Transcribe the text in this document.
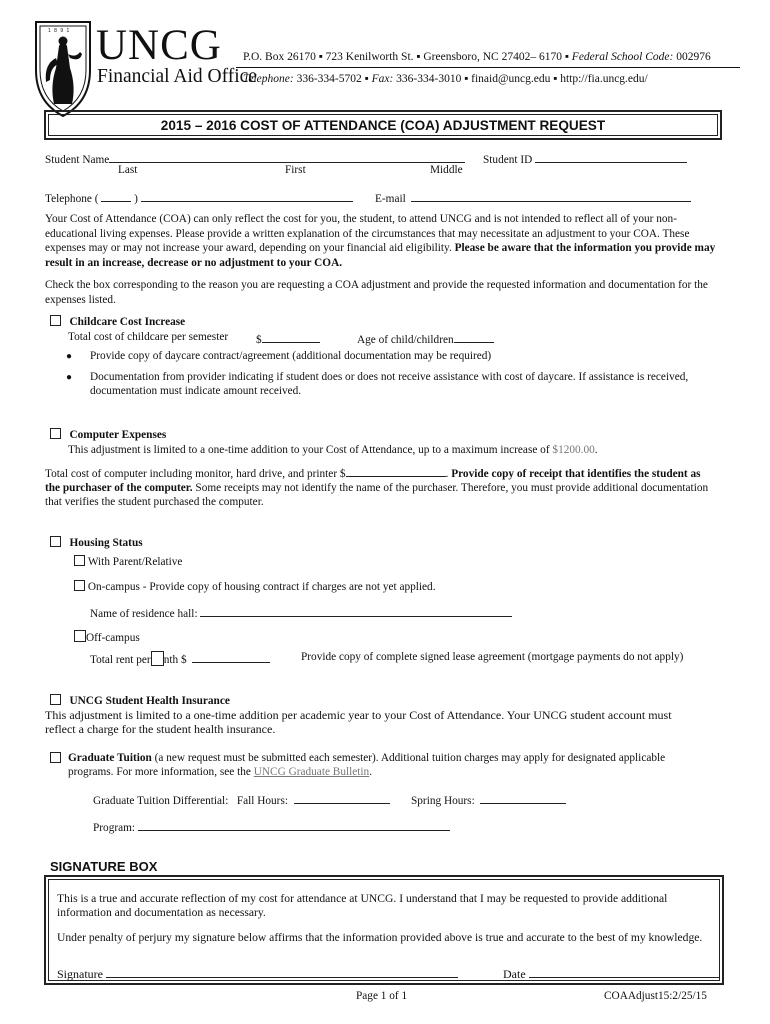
1 8 9 1 UNCG
Financial Aid Office
P.O. Box 26170 ▪ 723 Kenilworth St. ▪ Greensboro, NC 27402– 6170 ▪ Federal School Code: 002976
Telephone: 336-334-5702 ▪ Fax: 336-334-3010 ▪ finaid@uncg.edu ▪ http://fia.uncg.edu/
2015 – 2016 COST OF ATTENDANCE (COA) ADJUSTMENT REQUEST
Student Name
Last	First	Middle
Student ID
Telephone (	)	E-mail

Your Cost of Attendance (COA) can only reflect the cost for you, the student, to attend UNCG and is not intended to reflect all of your non-educational living expenses. Please provide a written explanation of the circumstances that may necessitate an adjustment to your COA. These expenses may or may not increase your award, depending on your financial aid eligibility. Please be aware that the information you provide may result in an increase, decrease or no adjustment to your COA.

Check the box corresponding to the reason you are requesting a COA adjustment and provide the requested information and documentation for the expenses listed.

Childcare Cost Increase
Total cost of childcare per semester $	Age of child/children
● Provide copy of daycare contract/agreement (additional documentation may be required)

● Documentation from provider indicating if student does or does not receive assistance with cost of daycare. If assistance is received, documentation must indicate amount received.

Computer Expenses
This adjustment is limited to a one-time addition to your Cost of Attendance, up to a maximum increase of $1200.00.

Total cost of computer including monitor, hard drive, and printer $	. Provide copy of receipt that identifies the student as the purchaser of the computer. Some receipts may not identify the name of the purchaser. Therefore, you must provide additional documentation that verifies the student purchased the computer.

Housing Status
With Parent/Relative
On-campus - Provide copy of housing contract if charges are not yet applied.
Name of residence hall:
Off-campus
Total rent per nth $	Provide copy of complete signed lease agreement (mortgage payments do not apply)
UNCG Student Health Insurance

This adjustment is limited to a one-time addition per academic year to your Cost of Attendance. Your UNCG student account must reflect a charge for the student health insurance.

Graduate Tuition (a new request must be submitted each semester). Additional tuition charges may apply for designated applicable programs. For more information, see the UNCG Graduate Bulletin.

Graduate Tuition Differential: Fall Hours:	Spring Hours:
Program:
SIGNATURE BOX

This is a true and accurate reflection of my cost for attendance at UNCG. I understand that I may be requested to provide additional information and documentation as necessary.

Under penalty of perjury my signature below affirms that the information provided above is true and accurate to the best of my knowledge.

Signature	Date
Page 1 of 1	COAAdjust15:2/25/15
